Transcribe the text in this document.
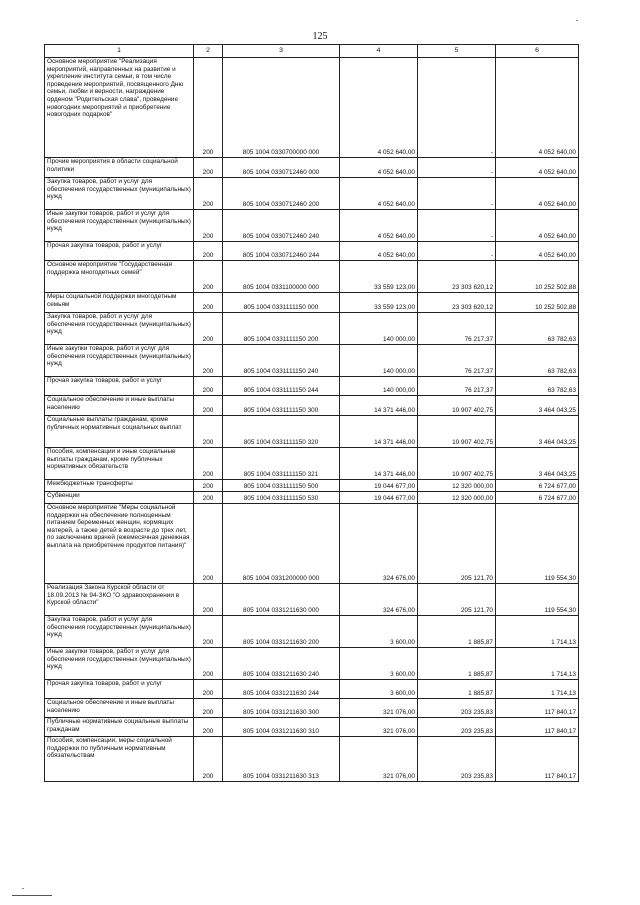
125
1	2	3	4	5	6
Основное мероприятие "Реализация мероприятий, направленных на развитие и укрепление института семьи, в том числе проведение мероприятий, посвященного Дню семьи, любви и верности, награждение орденом "Родительская слава", проведение новогодних мероприятий и приобретение новогодних подарков"	200	805 1004 0330700000 000	4 052 640,00	-	4 052 640,00
Прочие мероприятия в области социальной политики	200	805 1004 0330712460 000	4 052 640,00	-	4 052 640,00
Закупка товаров, работ и услуг для обеспечения государственных (муниципальных) нужд	200	805 1004 0330712460 200	4 052 640,00	-	4 052 640,00
Иные закупки товаров, работ и услуг для обеспечения государственных (муниципальных) нужд	200	805 1004 0330712460 240	4 052 640,00	-	4 052 640,00
Прочая закупка товаров, работ и услуг	200	805 1004 0330712460 244	4 052 640,00	-	4 052 640,00
Основное мероприятие "Государственная поддержка многодетных семей"	200	805 1004 0331100000 000	33 559 123,00	23 303 620,12	10 252 502,88
Меры социальной поддержки многодетным семьям	200	805 1004 0331111150 000	33 559 123,00	23 303 620,12	10 252 502,88
Закупка товаров, работ и услуг для обеспечения государственных (муниципальных) нужд	200	805 1004 0331111150 200	140 000,00	76 217,37	63 782,63
Иные закупки товаров, работ и услуг для обеспечения государственных (муниципальных) нужд	200	805 1004 0331111150 240	140 000,00	76 217,37	63 782,63
Прочая закупка товаров, работ и услуг	200	805 1004 0331111150 244	140 000,00	76 217,37	63 782,63
Социальное обеспечение и иные выплаты населению	200	805 1004 0331111150 300	14 371 446,00	10 907 402,75	3 464 043,25
Социальные выплаты гражданам, кроме публичных нормативных социальных выплат	200	805 1004 0331111150 320	14 371 446,00	10 907 402,75	3 464 043,25
Пособия, компенсации и иные социальные выплаты гражданам, кроме публичных нормативных обязательств	200	805 1004 0331111150 321	14 371 446,00	10 907 402,75	3 464 043,25
Межбюджетные трансферты	200	805 1004 0331111150 500	19 044 677,00	12 320 000,00	6 724 677,00
Субвенции	200	805 1004 0331111150 530	19 044 677,00	12 320 000,00	6 724 677,00
Основное мероприятие "Меры социальной поддержки на обеспечение полноценным питанием беременных женщин, кормящих матерей, а также детей в возрасте до трех лет, по заключению врачей (ежемесячная денежная выплата на приобретение продуктов питания)"	200	805 1004 0331200000 000	324 676,00	205 121,70	119 554,30
Реализация Закона Курской области от 18.09.2013 № 94-ЗКО "О здравоохранении в Курской области"	200	805 1004 0331211630 000	324 676,00	205 121,70	119 554,30
Закупка товаров, работ и услуг для обеспечения государственных (муниципальных) нужд	200	805 1004 0331211630 200	3 600,00	1 885,87	1 714,13
Иные закупки товаров, работ и услуг для обеспечения государственных (муниципальных) нужд	200	805 1004 0331211630 240	3 600,00	1 885,87	1 714,13
Прочая закупка товаров, работ и услуг	200	805 1004 0331211630 244	3 600,00	1 885,87	1 714,13
Социальное обеспечение и иные выплаты населению	200	805 1004 0331211630 300	321 076,00	203 235,83	117 840,17
Публичные нормативные социальные выплаты гражданам	200	805 1004 0331211630 310	321 076,00	203 235,83	117 840,17
Пособия, компенсации, меры социальной поддержки по публичным нормативным обязательствам	200	805 1004 0331211630 313	321 076,00	203 235,83	117 840,17
